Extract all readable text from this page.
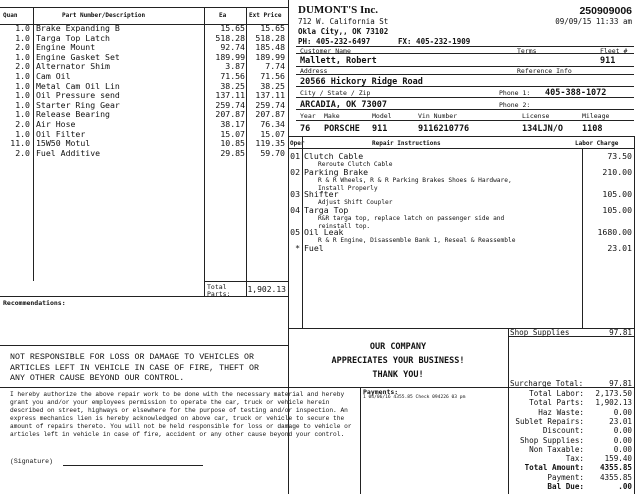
Quan	Part Number/Description	Ea	Ext Price
1.0 Brake Expanding B	15.65	15.65
1.0 Targa Top Latch	518.28	518.28
2.0 Engine Mount	92.74	185.48
1.0 Engine Gasket Set	189.99	189.99
2.0 Alternator Shim	3.87	7.74
1.0 Cam Oil	71.56	71.56
1.0 Metal Cam Oil Lin	38.25	38.25
1.0 Oil Pressure send	137.11	137.11
1.0 Starter Ring Gear	259.74	259.74
1.0 Release Bearing	207.87	207.87
2.0 Air Hose	38.17	76.34
1.0 Oil Filter	15.07	15.07
11.0 15W50 Motul	10.85	119.35
2.0 Fuel Additive	29.85	59.70
Total
Parts: 1,902.13
Recommendations:
NOT RESPONSIBLE FOR LOSS OR DAMAGE TO VEHICLES OR ARTICLES LEFT IN VEHICLE IN CASE OF FIRE, THEFT OR ANY OTHER CAUSE BEYOND OUR CONTROL.
I hereby authorize the above repair work to be done with the necessary material and hereby grant you and/or your employees permission to operate the car, truck or vehicle herein described on street, highways or elsewhere for the purpose of testing and/or inspection. An express mechanics lien is hereby acknowledged on above car, truck or vehicle to secure the amount of repairs thereto. You will not be held responsible for loss or damage to vehicle or articles left in vehicle in case of fire, accident or any other cause beyond your control.
(Signature)
DUMONT'S Inc.
712 W. California St
Okla City,, OK 73102
PH: 405-232-6497	FX: 405-232-1909
250909006
09/09/15 11:33 am
Customer Name	Terms	Fleet #
Mallett, Robert	911
Address	Reference Info
20566 Hickory Ridge Road
City / State / Zip	Phone 1: 405-388-1072
ARCADIA, OK 73007	Phone 2:
Year Make	Model	Vin Number	License	Mileage
76 PORSCHE 911	9116210776	134LJN/O 1108
Oper	Repair Instructions	Labor Charge
01 Clutch Cable
Reroute Clutch Cable
73.50
02 Parking Brake
R & R Wheels, R & R Parking Brakes Shoes & Hardware,
Install Properly
210.00
03 Shifter
Adjust Shift Coupler
105.00
04 Targa Top
R&R targa top, replace latch on passenger side and
reinstall top.
105.00
05 Oil Leak
R & R Engine, Disassemble Bank 1, Reseal & Reassemble
1680.00
* Fuel	23.01
OUR COMPANY
APPRECIATES YOUR BUSINESS!
THANK YOU!
Shop Supplies	97.81
Surcharge Total:	97.81
Payments:
1 04/06/16 4355.85 Check 094226 03 pm	Total Labor:	2,173.50
Total Parts:	1,902.13
Haz Waste:	0.00
Sublet Repairs:	23.01
Discount:	0.00
Shop Supplies:	0.00
Non Taxable:	0.00
Tax:	159.40
Total Amount:	4355.85
Payment:	4355.85
Bal Due:	.00
